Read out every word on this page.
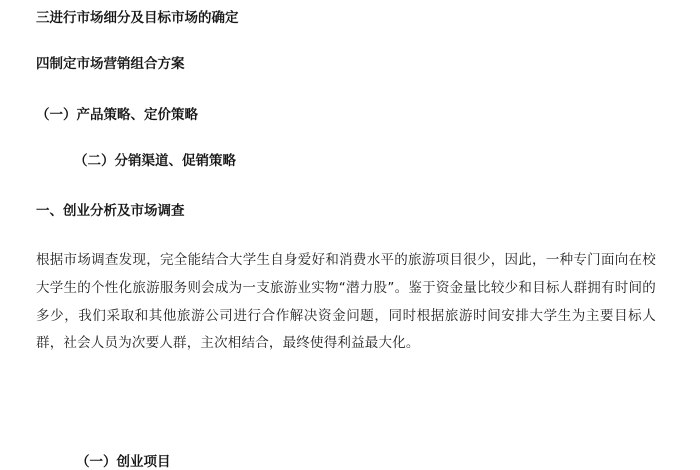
三进行市场细分及目标市场的确定
四制定市场营销组合方案
（一）产品策略、定价策略
（二）分销渠道、促销策略
一、创业分析及市场调查
根据市场调查发现，完全能结合大学生自身爱好和消费水平的旅游项目很少，因此，一种专门面向在校大学生的个性化旅游服务则会成为一支旅游业实物“潜力股”。鉴于资金量比较少和目标人群拥有时间的多少，我们采取和其他旅游公司进行合作解决资金问题，同时根据旅游时间安排大学生为主要目标人群，社会人员为次要人群，主次相结合，最终使得利益最大化。
（一）创业项目
